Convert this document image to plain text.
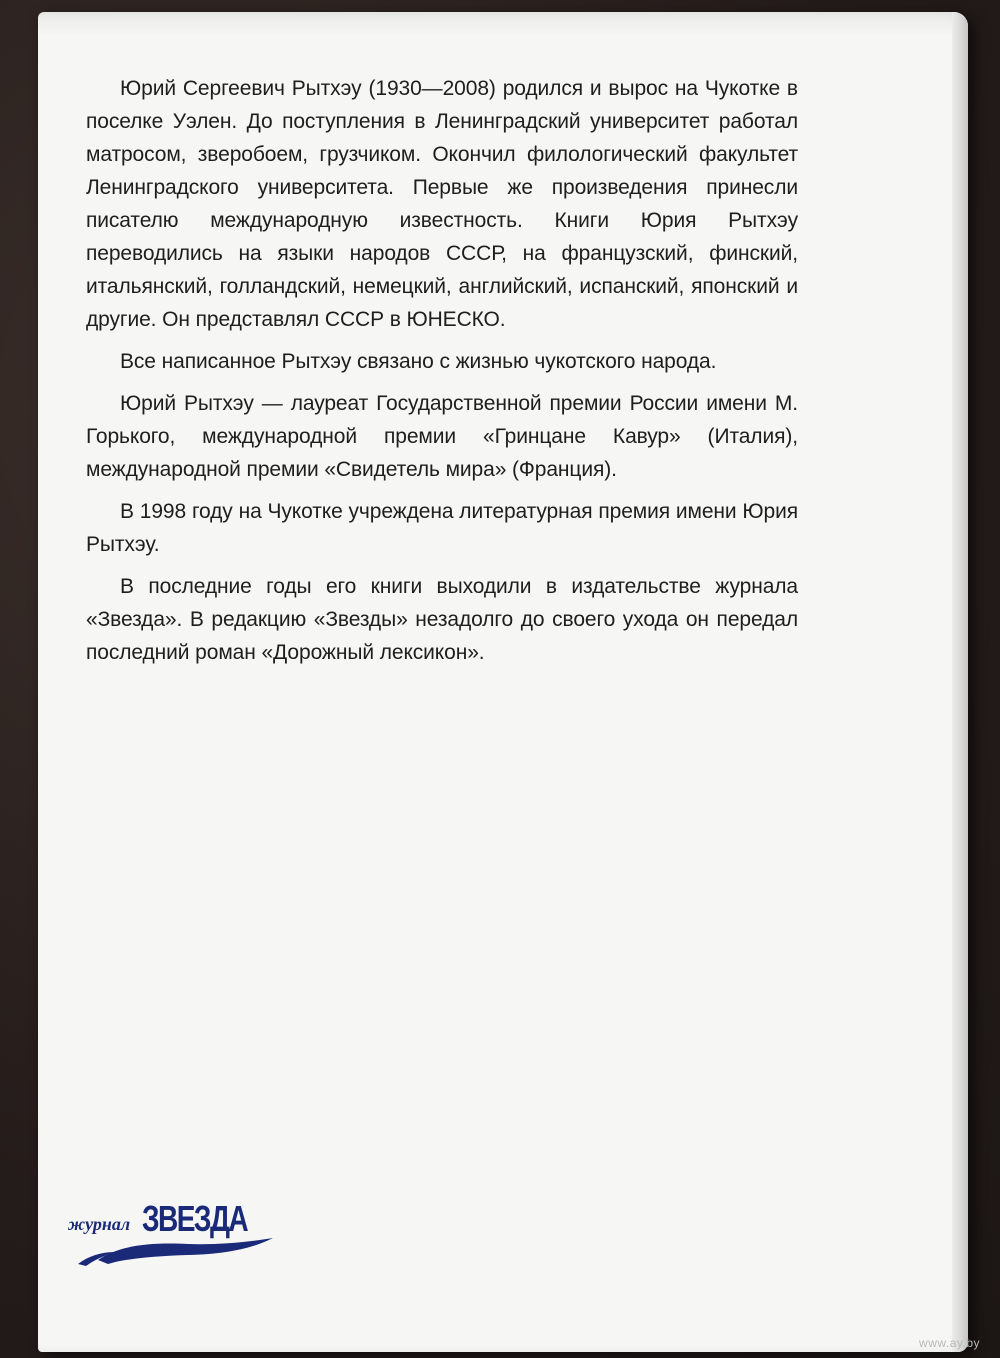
Юрий Сергеевич Рытхэу (1930—2008) родился и вырос на Чукотке в поселке Уэлен. До поступления в Ленинградский университет работал матросом, зверобоем, грузчиком. Окончил филологический факультет Ленинградского университета. Первые же произведения принесли писателю международную известность. Книги Юрия Рытхэу переводились на языки народов СССР, на французский, финский, итальянский, голландский, немецкий, английский, испанский, японский и другие. Он представлял СССР в ЮНЕСКО.

Все написанное Рытхэу связано с жизнью чукотского народа.

Юрий Рытхэу — лауреат Государственной премии России имени М. Горького, международной премии «Гринцане Кавур» (Италия), международной премии «Свидетель мира» (Франция).

В 1998 году на Чукотке учреждена литературная премия имени Юрия Рытхэу.

В последние годы его книги выходили в издательстве журнала «Звезда». В редакцию «Звезды» незадолго до своего ухода он передал последний роман «Дорожный лексикон».

журнал ЗВЕЗДА
www.ay.by
